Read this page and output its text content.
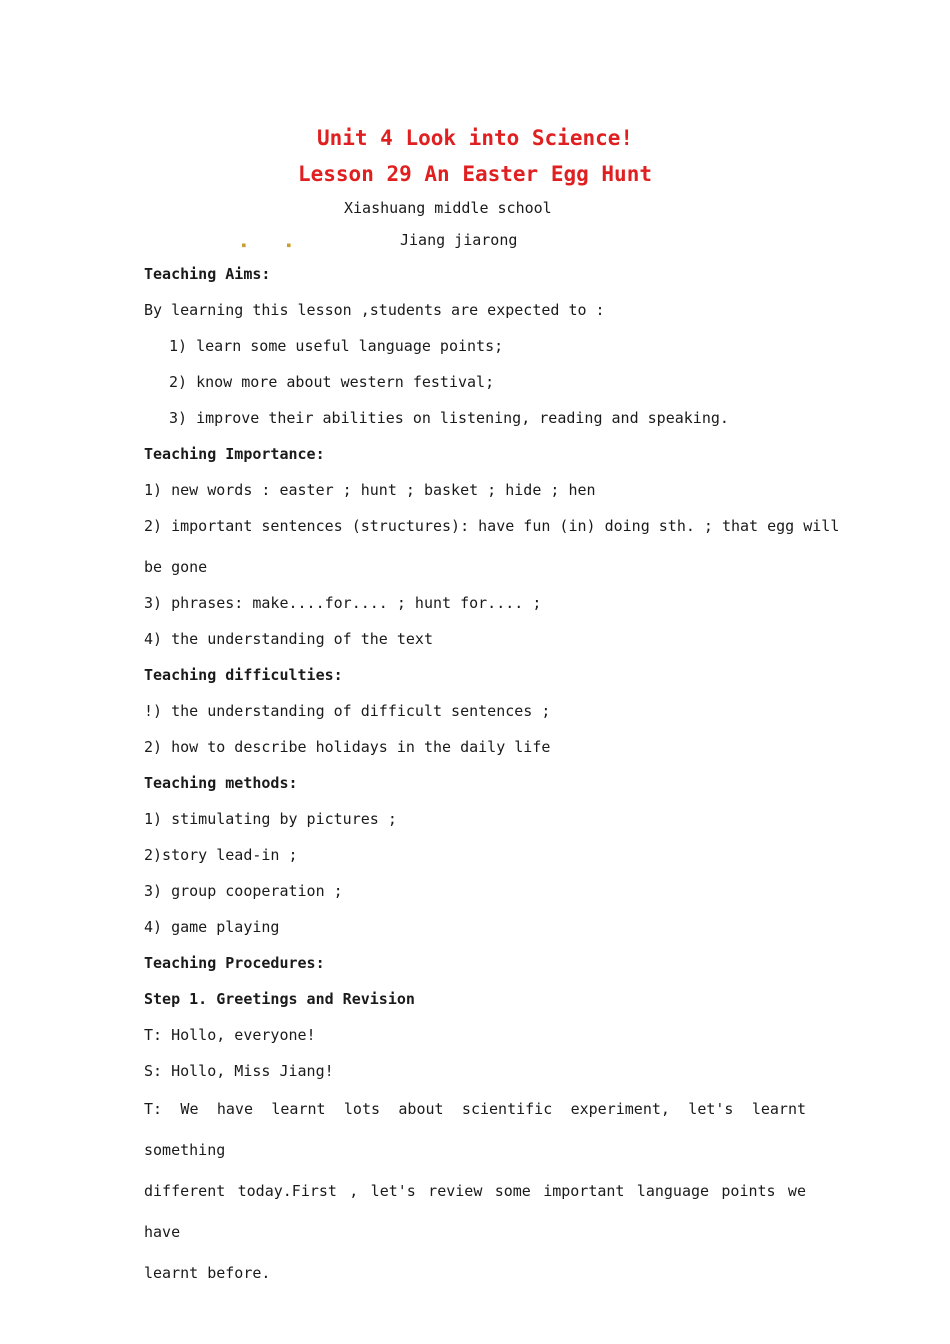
Unit 4 Look into Science!
Lesson 29 An Easter Egg Hunt
Xiashuang middle school
■	■	Jiang jiarong
Teaching Aims:
By learning this lesson ,students are expected to :
1) learn some useful language points;
2) know more about western festival;
3) improve their abilities on listening, reading and speaking.
Teaching Importance:
1) new words : easter ; hunt ; basket ; hide ; hen
2) important sentences (structures): have fun (in) doing sth. ; that egg will
be gone
3) phrases: make....for.... ; hunt for.... ;
4) the understanding of the text
Teaching difficulties:
!) the understanding of difficult sentences ;
2) how to describe holidays in the daily life
Teaching methods:
1) stimulating by pictures ;
2)story lead-in ;
3) group cooperation ;
4) game playing
Teaching Procedures:
Step 1. Greetings and Revision
T: Hollo, everyone!
S: Hollo, Miss Jiang!
T: We have learnt lots about scientific experiment, let's learnt something
different today.First , let's review some important language points we have
learnt before.
